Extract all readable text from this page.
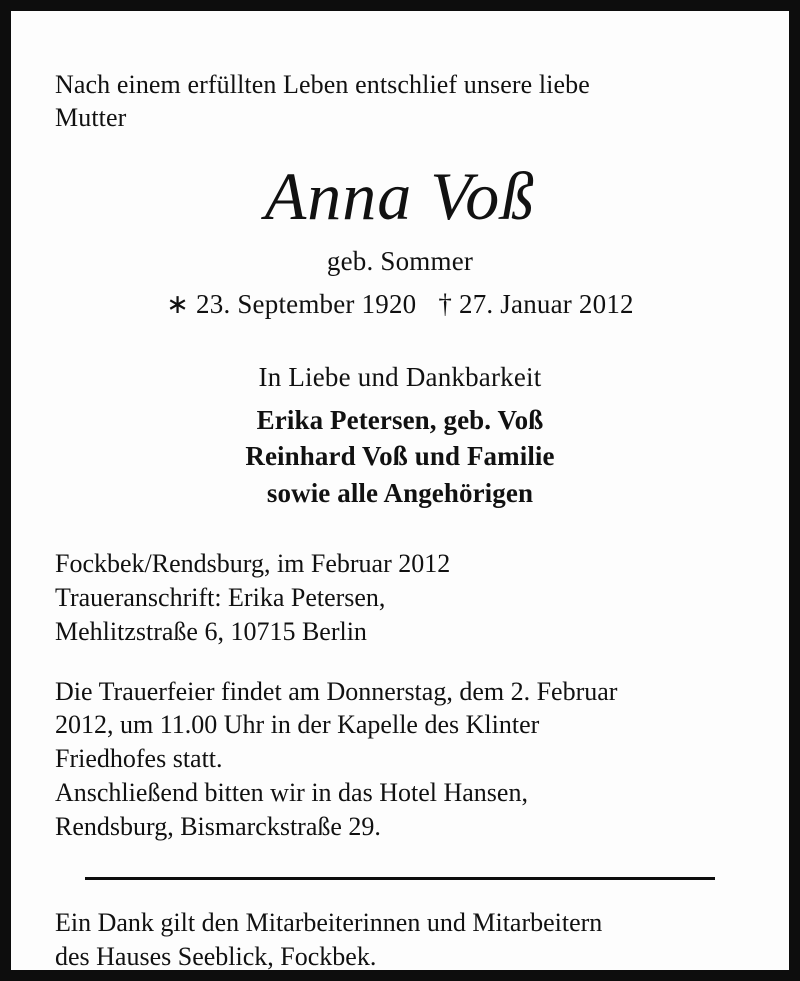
Nach einem erfüllten Leben entschlief unsere liebe
Mutter
Anna Voß
geb. Sommer
∗ 23. September 1920 † 27. Januar 2012
In Liebe und Dankbarkeit
Erika Petersen, geb. Voß
Reinhard Voß und Familie
sowie alle Angehörigen
Fockbek/Rendsburg, im Februar 2012
Traueranschrift: Erika Petersen,
Mehlitzstraße 6, 10715 Berlin
Die Trauerfeier findet am Donnerstag, dem 2. Februar
2012, um 11.00 Uhr in der Kapelle des Klinter
Friedhofes statt.
Anschließend bitten wir in das Hotel Hansen,
Rendsburg, Bismarckstraße 29.
Ein Dank gilt den Mitarbeiterinnen und Mitarbeitern
des Hauses Seeblick, Fockbek.
